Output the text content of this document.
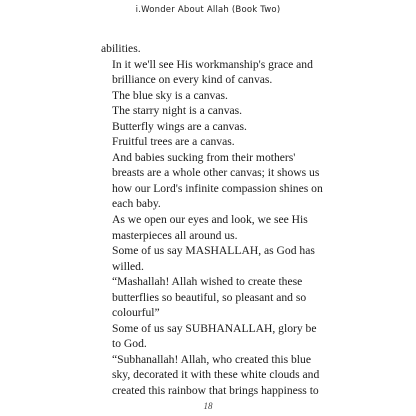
i.Wonder About Allah (Book Two)

abilities.

In it we'll see His workmanship's grace and
brilliance on every kind of canvas.

The blue sky is a canvas.

The starry night is a canvas.

Butterfly wings are a canvas.

Fruitful trees are a canvas.

And babies sucking from their mothers'
breasts are a whole other canvas; it shows us
how our Lord's infinite compassion shines on
each baby.

As we open our eyes and look, we see His
masterpieces all around us.

Some of us say MASHALLAH, as God has
willed.

“Mashallah! Allah wished to create these
butterflies so beautiful, so pleasant and so
colourful”

Some of us say SUBHANALLAH, glory be
to God.

“Subhanallah! Allah, who created this blue
sky, decorated it with these white clouds and
created this rainbow that brings happiness to

18
